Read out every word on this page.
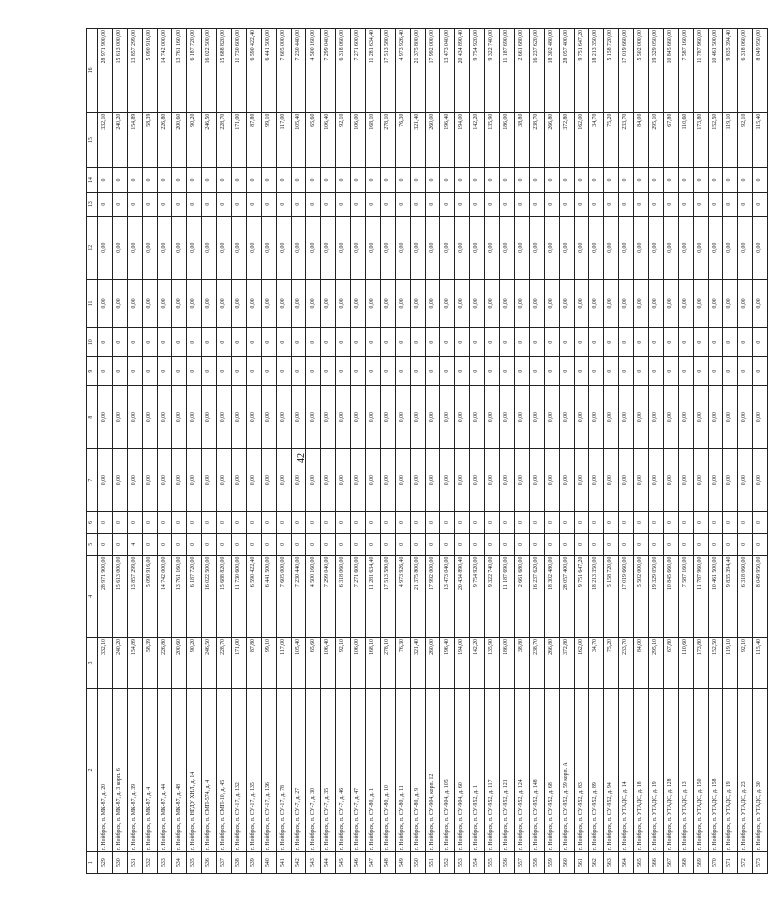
42
1	2	3	4	5	6	7	8	9	10	11	12	13	14	15	16
529	г. Нойбрск, п. МК-87, д. 20	332,10	28 971 900,00	0	0	0,00	0,00	0	0	0,00	0,00	0	0	332,10	28 971 900,00
530	г. Нойбрск, п. МК-87, д. 3 корп. 6	240,20	15 613 000,00	0	0	0,00	0,00	0	0	0,00	0,00	0	0	240,20	15 613 000,00
531	г. Нойбрск, п. МК-87, д. 39	154,89	13 857 299,00	4	0	0,00	0,00	0	0	0,00	0,00	0	0	154,89	13 857 299,00
532	г. Нойбрск, п. МК-87, д. 4	58,39	5 090 916,00	0	0	0,00	0,00	0	0	0,00	0,00	0	0	58,39	5 090 916,00
533	г. Нойбрск, п. МК-87, д. 44	226,80	14 742 000,00	0	0	0,00	0,00	0	0	0,00	0,00	0	0	226,80	14 742 000,00
534	г. Нойбрск, п. МК-87, д. 48	200,60	13 761 160,00	0	0	0,00	0,00	0	0	0,00	0,00	0	0	200,60	13 761 160,00
535	г. Нойбрск, п. НГДУ ХНЛ, д. 14	90,20	6 187 720,00	0	0	0,00	0,00	0	0	0,00	0,00	0	0	90,20	6 187 720,00
536	г. Нойбрск, п. СМП-574, д. 4	246,50	16 022 500,00	0	0	0,00	0,00	0	0	0,00	0,00	0	0	246,50	16 022 500,00
537	г. Нойбрск, п. СМП-10, д. 45	228,70	15 688 820,00	0	0	0,00	0,00	0	0	0,00	0,00	0	0	228,70	15 688 820,00
538	г. Нойбрск, п. СУ-17, д. 132	171,00	11 730 600,00	0	0	0,00	0,00	0	0	0,00	0,00	0	0	171,00	11 730 600,00
539	г. Нойбрск, п. СУ-17, д. 135	87,80	6 590 422,40	0	0	0,00	0,00	0	0	0,00	0,00	0	0	87,80	6 590 422,40
540	г. Нойбрск, п. СУ-17, д. 136	99,10	6 441 500,00	0	0	0,00	0,00	0	0	0,00	0,00	0	0	99,10	6 441 500,00
541	г. Нойбрск, п. СУ-17, д. 78	117,00	7 605 000,00	0	0	0,00	0,00	0	0	0,00	0,00	0	0	117,00	7 605 000,00
542	г. Нойбрск, п. СУ-7, д. 27	105,40	7 230 440,00	0	0	0,00	0,00	0	0	0,00	0,00	0	0	105,40	7 230 440,00
543	г. Нойбрск, п. СУ-7, д. 30	65,60	4 500 160,00	0	0	0,00	0,00	0	0	0,00	0,00	0	0	65,60	4 500 160,00
544	г. Нойбрск, п. СУ-7, д. 35	106,40	7 299 040,00	0	0	0,00	0,00	0	0	0,00	0,00	0	0	106,40	7 299 040,00
545	г. Нойбрск, п. СУ-7, д. 46	92,10	6 318 060,00	0	0	0,00	0,00	0	0	0,00	0,00	0	0	92,10	6 318 060,00
546	г. Нойбрск, п. СУ-7, д. 47	106,00	7 271 600,00	0	0	0,00	0,00	0	0	0,00	0,00	0	0	106,00	7 271 600,00
547	г. Нойбрск, п. СУ-80, д. 1	168,10	11 281 634,40	0	0	0,00	0,00	0	0	0,00	0,00	0	0	168,10	11 281 634,40
548	г. Нойбрск, п. СУ-80, д. 10	278,10	17 513 580,00	0	0	0,00	0,00	0	0	0,00	0,00	0	0	278,10	17 513 580,00
549	г. Нойбрск, п. СУ-80, д. 11	76,30	4 973 926,40	0	0	0,00	0,00	0	0	0,00	0,00	0	0	76,30	4 973 926,40
550	г. Нойбрск, п. СУ-80, д. 9	321,40	21 375 800,00	0	0	0,00	0,00	0	0	0,00	0,00	0	0	321,40	21 375 800,00
551	г. Нойбрск, п. СУ-904, корп. 12	260,00	17 992 000,00	0	0	0,00	0,00	0	0	0,00	0,00	0	0	260,00	17 992 000,00
552	г. Нойбрск, п. СУ-904, д. 105	196,40	13 473 040,00	0	0	0,00	0,00	0	0	0,00	0,00	0	0	196,40	13 473 040,00
553	г. Нойбрск, п. СУ-904, д. 60	194,00	20 434 890,40	0	0	0,00	0,00	0	0	0,00	0,00	0	0	194,00	20 434 890,40
554	г. Нойбрск, п. СУ-952, д. 1	142,20	9 754 920,00	0	0	0,00	0,00	0	0	0,00	0,00	0	0	142,20	9 754 920,00
555	г. Нойбрск, п. СУ-952, д. 117	135,90	9 322 740,00	0	0	0,00	0,00	0	0	0,00	0,00	0	0	135,90	9 322 740,00
556	г. Нойбрск, п. СУ-952, д. 121	186,00	11 187 690,00	0	0	0,00	0,00	0	0	0,00	0,00	0	0	186,00	11 187 690,00
557	г. Нойбрск, п. СУ-952, д. 124	38,80	2 661 680,00	0	0	0,00	0,00	0	0	0,00	0,00	0	0	38,80	2 661 680,00
558	г. Нойбрск, п. СУ-952, д. 148	238,70	16 237 620,00	0	0	0,00	0,00	0	0	0,00	0,00	0	0	238,70	16 237 620,00
559	г. Нойбрск, п. СУ-952, д. 68	266,80	18 302 480,00	0	0	0,00	0,00	0	0	0,00	0,00	0	0	266,80	18 302 480,00
560	г. Нойбрск, п. СУ-952, д. 59 корп. А	372,80	28 057 400,00	0	0	0,00	0,00	0	0	0,00	0,00	0	0	372,80	28 057 400,00
561	г. Нойбрск, п. СУ-952, д. 83	162,00	9 751 647,20	0	0	0,00	0,00	0	0	0,00	0,00	0	0	162,00	9 751 647,20
562	г. Нойбрск, п. СУ-952, д. 89	34,70	18 213 350,00	0	0	0,00	0,00	0	0	0,00	0,00	0	0	34,70	18 213 350,00
563	г. Нойбрск, п. СУ-952, д. 94	75,20	5 158 720,00	0	0	0,00	0,00	0	0	0,00	0,00	0	0	75,20	5 158 720,00
564	г. Нойбрск, п. УТАДС, д. 14	233,70	17 019 660,00	0	0	0,00	0,00	0	0	0,00	0,00	0	0	233,70	17 019 660,00
565	г. Нойбрск, п. УТАДС, д. 18	84,00	5 502 000,00	0	0	0,00	0,00	0	0	0,00	0,00	0	0	84,00	5 502 000,00
566	г. Нойбрск, п. УТАДС, д. 19	295,10	19 329 050,00	0	0	0,00	0,00	0	0	0,00	0,00	0	0	295,10	19 329 050,00
567	г. Нойбрск, п. УТАДС, д. 128	67,80	10 845 660,00	0	0	0,00	0,00	0	0	0,00	0,00	0	0	67,80	10 845 660,00
568	г. Нойбрск, п. УТАДС, д. 13	110,60	7 587 160,00	0	0	0,00	0,00	0	0	0,00	0,00	0	0	110,60	7 587 160,00
569	г. Нойбрск, п. УТАДС, д. 150	173,80	11 787 960,00	0	0	0,00	0,00	0	0	0,00	0,00	0	0	173,80	11 787 960,00
570	г. Нойбрск, п. УТАДС, д. 158	152,50	10 461 500,00	0	0	0,00	0,00	0	0	0,00	0,00	0	0	152,50	10 461 500,00
571	г. Нойбрск, п. УТАДС, д. 19	119,10	9 835 394,40	0	0	0,00	0,00	0	0	0,00	0,00	0	0	119,10	9 835 394,40
572	г. Нойбрск, п. УТАДС, д. 23	92,10	6 318 060,00	0	0	0,00	0,00	0	0	0,00	0,00	0	0	92,10	6 318 060,00
573	г. Нойбрск, п. УТАДС, д. 30	115,40	8 049 950,00	0	0	0,00	0,00	0	0	0,00	0,00	0	0	115,40	8 049 950,00
